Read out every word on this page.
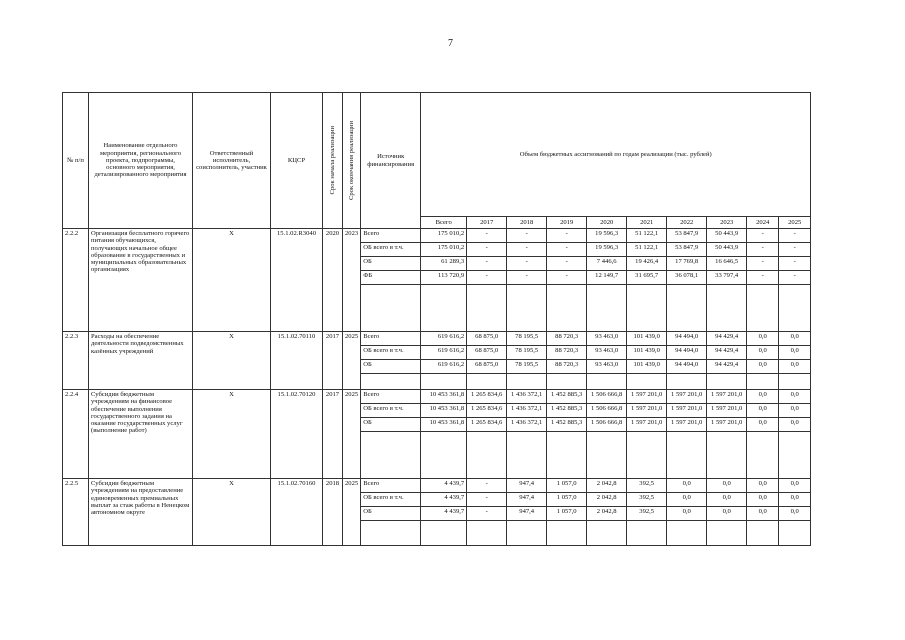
7
№ п/п	Наименование отдельного мероприятия, регионального проекта, подпрограммы, основного мероприятия, детализированного мероприятия	Ответственный исполнитель, соисполнитель, участник	КЦСР	Срок начала реализации	Срок окончания реализации	Источник финансирования	Объем бюджетных ассигнований по годам реализации (тыс. рублей)									
							Всего	2017	2018	2019	2020	2021	2022	2023	2024	2025
2.2.2	Организация бесплатного горячего питания обучающихся, получающих начальное общее образование в государственных и муниципальных образовательных организациях	Х	15.1.02.R3040	2020	2023	Всего	175 010,2	-	-	-	19 596,3	51 122,1	53 847,9	50 443,9	-	-
						ОБ всего в т.ч.	175 010,2	-	-	-	19 596,3	51 122,1	53 847,9	50 443,9	-	-
						ОБ	61 289,3	-	-	-	7 446,6	19 426,4	17 769,8	16 646,5	-	-
						ФБ	113 720,9	-	-	-	12 149,7	31 695,7	36 078,1	33 797,4	-	-

2.2.3	Расходы на обеспечение деятельности подведомственных казённых учреждений	Х	15.1.02.70110	2017	2025	Всего	619 616,2	68 875,0	78 195,5	88 720,3	93 463,0	101 439,0	94 494,0	94 429,4	0,0	0,0
						ОБ всего в т.ч.	619 616,2	68 875,0	78 195,5	88 720,3	93 463,0	101 439,0	94 494,0	94 429,4	0,0	0,0
						ОБ	619 616,2	68 875,0	78 195,5	88 720,3	93 463,0	101 439,0	94 494,0	94 429,4	0,0	0,0

2.2.4	Субсидии бюджетным учреждениям на финансовое обеспечение выполнения государственного задания на оказание государственных услуг (выполнение работ)	Х	15.1.02.70120	2017	2025	Всего	10 453 361,8	1 265 834,6	1 436 372,1	1 452 885,3	1 506 666,8	1 597 201,0	1 597 201,0	1 597 201,0	0,0	0,0
						ОБ всего в т.ч.	10 453 361,8	1 265 834,6	1 436 372,1	1 452 885,3	1 506 666,8	1 597 201,0	1 597 201,0	1 597 201,0	0,0	0,0
						ОБ	10 453 361,8	1 265 834,6	1 436 372,1	1 452 885,3	1 506 666,8	1 597 201,0	1 597 201,0	1 597 201,0	0,0	0,0

2.2.5	Субсидии бюджетным учреждениям на предоставление единовременных премиальных выплат за стаж работы в Ненецком автономном округе	Х	15.1.02.70160	2018	2025	Всего	4 439,7	-	947,4	1 057,0	2 042,8	392,5	0,0	0,0	0,0	0,0
						ОБ всего в т.ч.	4 439,7	-	947,4	1 057,0	2 042,8	392,5	0,0	0,0	0,0	0,0
						ОБ	4 439,7	-	947,4	1 057,0	2 042,8	392,5	0,0	0,0	0,0	0,0
